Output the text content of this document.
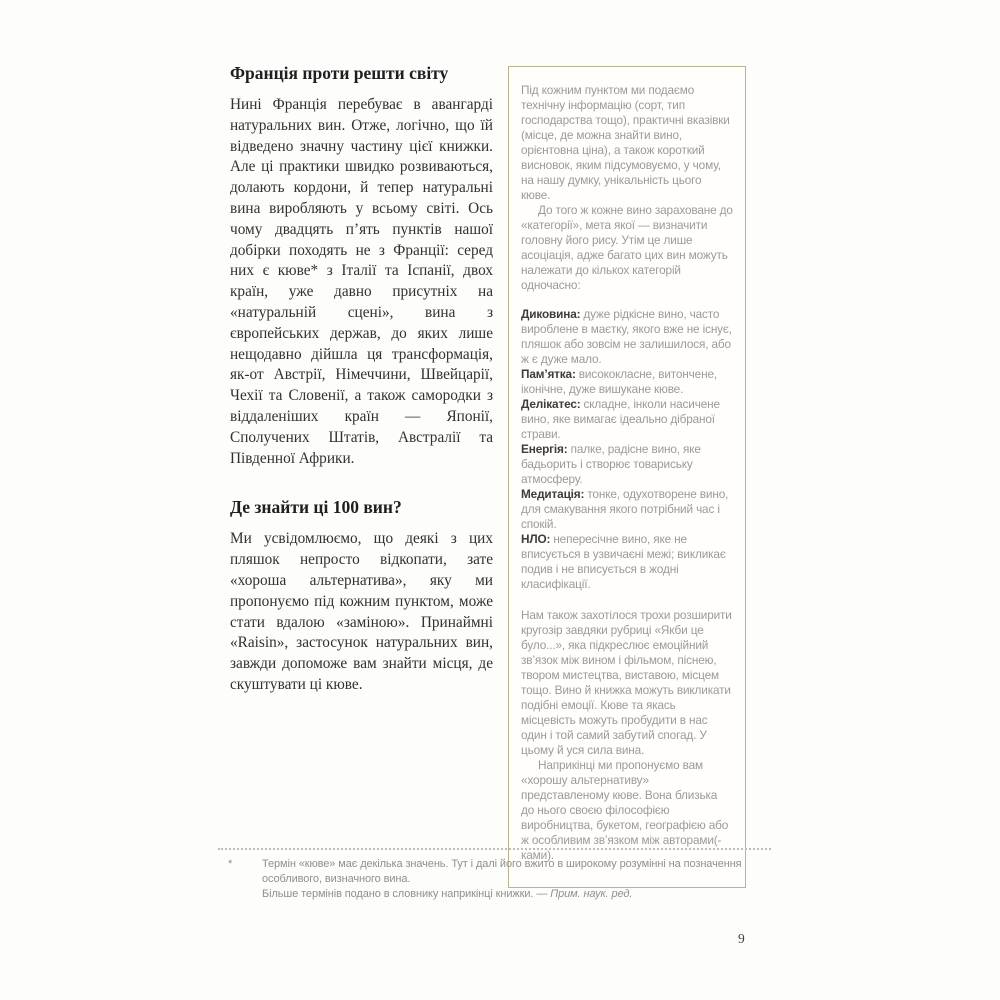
Франція проти решти світу

Нині Франція перебуває в авангарді натуральних вин. Отже, логічно, що їй відведено значну частину цієї книжки. Але ці практики швидко розвиваються, долають кордони, й тепер натуральні вина виробляють у всьому світі. Ось чому двадцять п’ять пунктів нашої добірки походять не з Франції: серед них є кюве* з Італії та Іспанії, двох країн, уже давно присутніх на «натуральній сцені», вина з європейських держав, до яких лише нещодавно дійшла ця трансформація, як-от Австрії, Німеччини, Швейцарії, Чехії та Словенії, а також самородки з віддаленіших країн — Японії, Сполучених Штатів, Австралії та Південної Африки.

Де знайти ці 100 вин?

Ми усвідомлюємо, що деякі з цих пляшок непросто відкопати, зате «хороша альтернатива», яку ми пропонуємо під кожним пунктом, може стати вдалою «заміною». Принаймні «Raisin», застосунок натуральних вин, завжди допоможе вам знайти місця, де скуштувати ці кюве.

Під кожним пунктом ми подаємо технічну інформацію (сорт, тип господарства тощо), практичні вказівки (місце, де можна знайти вино, орієнтовна ціна), а також короткий висновок, яким підсумовуємо, у чому, на нашу думку, унікальність цього кюве.

До того ж кожне вино зараховане до «категорії», мета якої — визначити головну його рису. Утім це лише асоціація, адже багато цих вин можуть належати до кількох категорій одночасно:

Диковина: дуже рідкісне вино, часто вироблене в маєтку, якого вже не існує, пляшок або зовсім не залишилося, або ж є дуже мало.

Пам’ятка: висококласне, витончене, іконічне, дуже вишукане кюве.

Делікатес: складне, інколи насичене вино, яке вимагає ідеально дібраної страви.

Енергія: палке, радісне вино, яке бадьорить і створює товариську атмосферу.

Медитація: тонке, одухотворене вино, для смакування якого потрібний час і спокій.

НЛО: непересічне вино, яке не вписується в узвичаєні межі; викликає подив і не вписується в жодні класифікації.

Нам також захотілося трохи розширити кругозір завдяки рубриці «Якби це було...», яка підкреслює емоційний зв’язок між вином і фільмом, піснею, твором мистецтва, виставою, місцем тощо. Вино й книжка можуть викликати подібні емоції. Кюве та якась місцевість можуть пробудити в нас один і той самий забутий спогад. У цьому й уся сила вина.

Наприкінці ми пропонуємо вам «хорошу альтернативу» представленому кюве. Вона близька до нього своєю філософією виробництва, букетом, географією або ж особливим зв’язком між авторами(-ками).

*	Термін «кюве» має декілька значень. Тут і далі його вжито в широкому розумінні на позначення особливого, визначного вина.

Більше термінів подано в словнику наприкінці книжки. — Прим. наук. ред.

9
